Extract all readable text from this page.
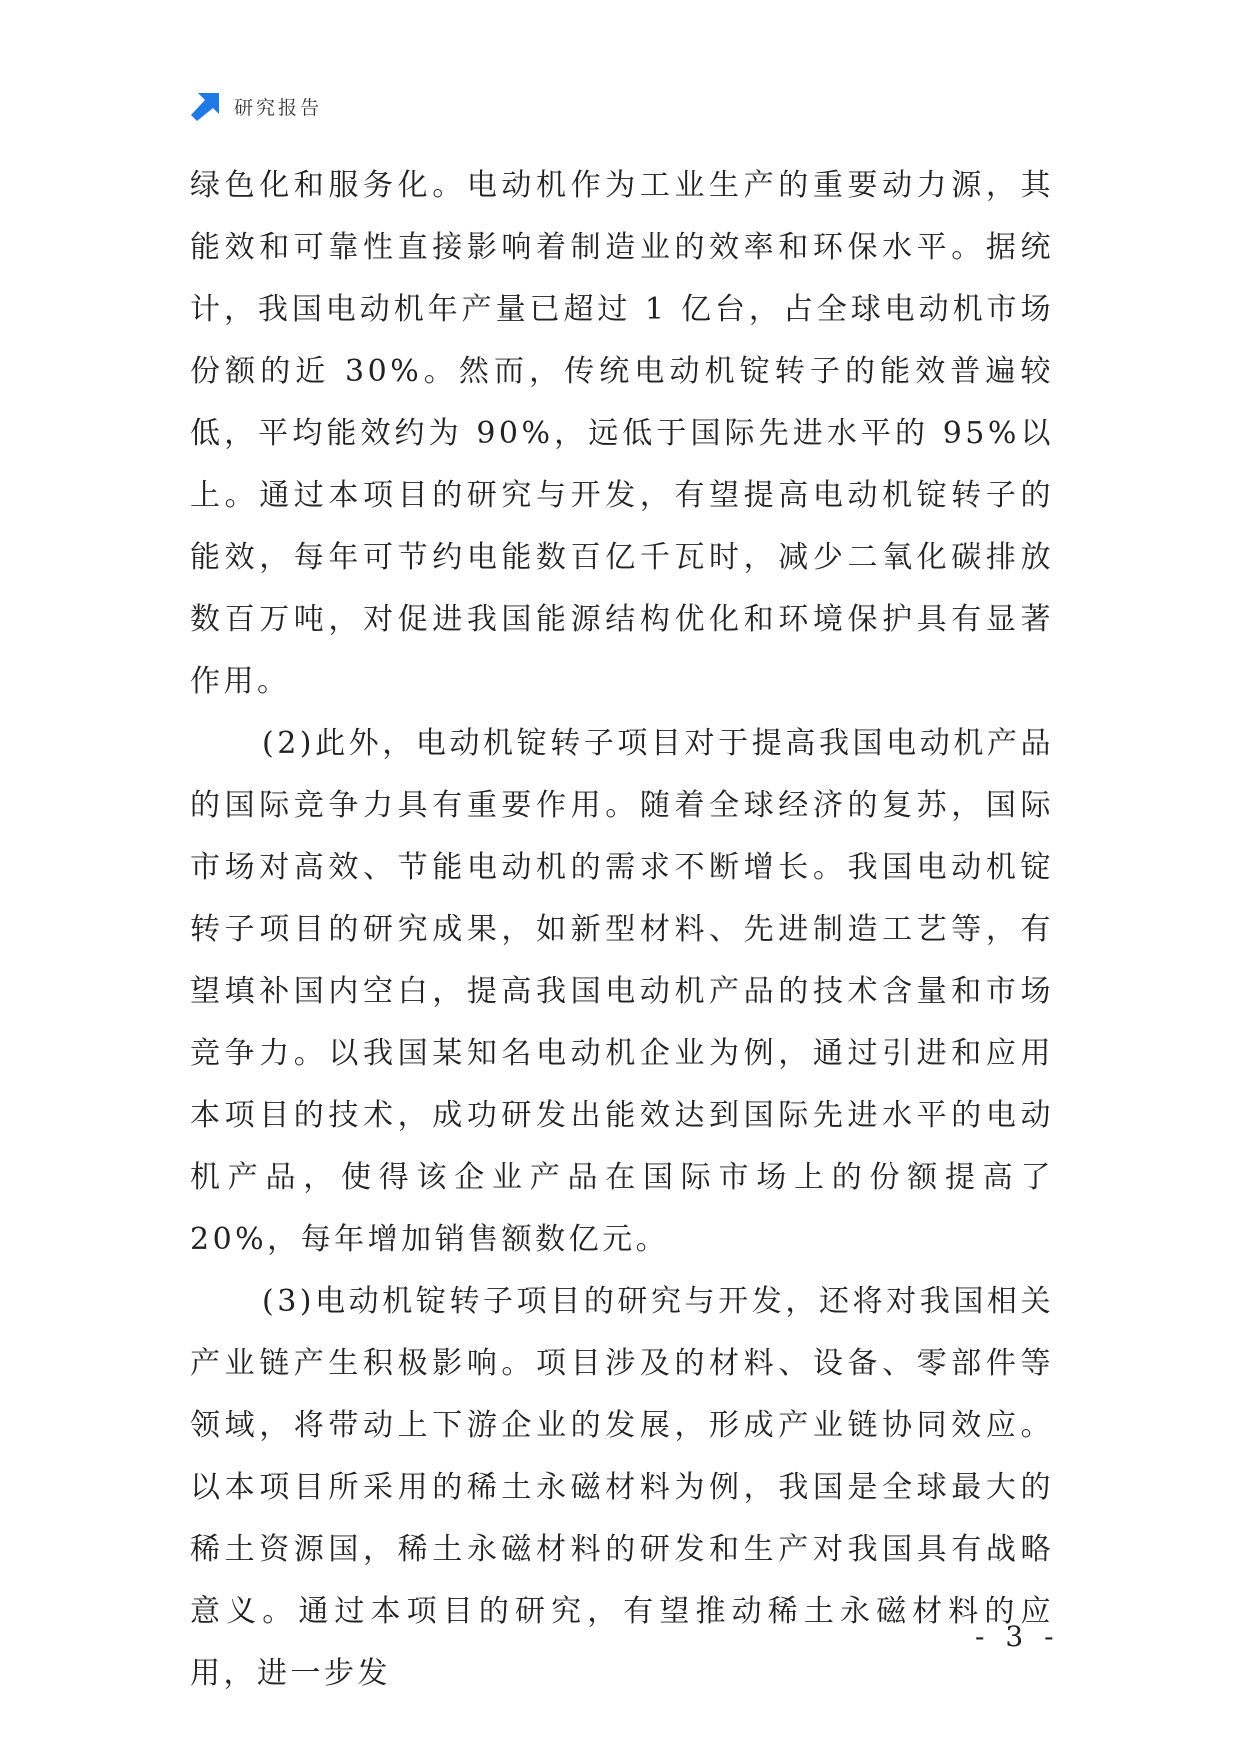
研究报告

绿色化和服务化。电动机作为工业生产的重要动力源，其能效和可靠性直接影响着制造业的效率和环保水平。据统计，我国电动机年产量已超过 1 亿台，占全球电动机市场份额的近 30%。然而，传统电动机锭转子的能效普遍较低，平均能效约为 90%，远低于国际先进水平的 95%以上。通过本项目的研究与开发，有望提高电动机锭转子的能效，每年可节约电能数百亿千瓦时，减少二氧化碳排放数百万吨，对促进我国能源结构优化和环境保护具有显著作用。

(2)此外，电动机锭转子项目对于提高我国电动机产品的国际竞争力具有重要作用。随着全球经济的复苏，国际市场对高效、节能电动机的需求不断增长。我国电动机锭转子项目的研究成果，如新型材料、先进制造工艺等，有望填补国内空白，提高我国电动机产品的技术含量和市场竞争力。以我国某知名电动机企业为例，通过引进和应用本项目的技术，成功研发出能效达到国际先进水平的电动机产品，使得该企业产品在国际市场上的份额提高了 20%，每年增加销售额数亿元。

(3)电动机锭转子项目的研究与开发，还将对我国相关产业链产生积极影响。项目涉及的材料、设备、零部件等领域，将带动上下游企业的发展，形成产业链协同效应。以本项目所采用的稀土永磁材料为例，我国是全球最大的稀土资源国，稀土永磁材料的研发和生产对我国具有战略意义。通过本项目的研究，有望推动稀土永磁材料的应用，进一步发

- 3 -
